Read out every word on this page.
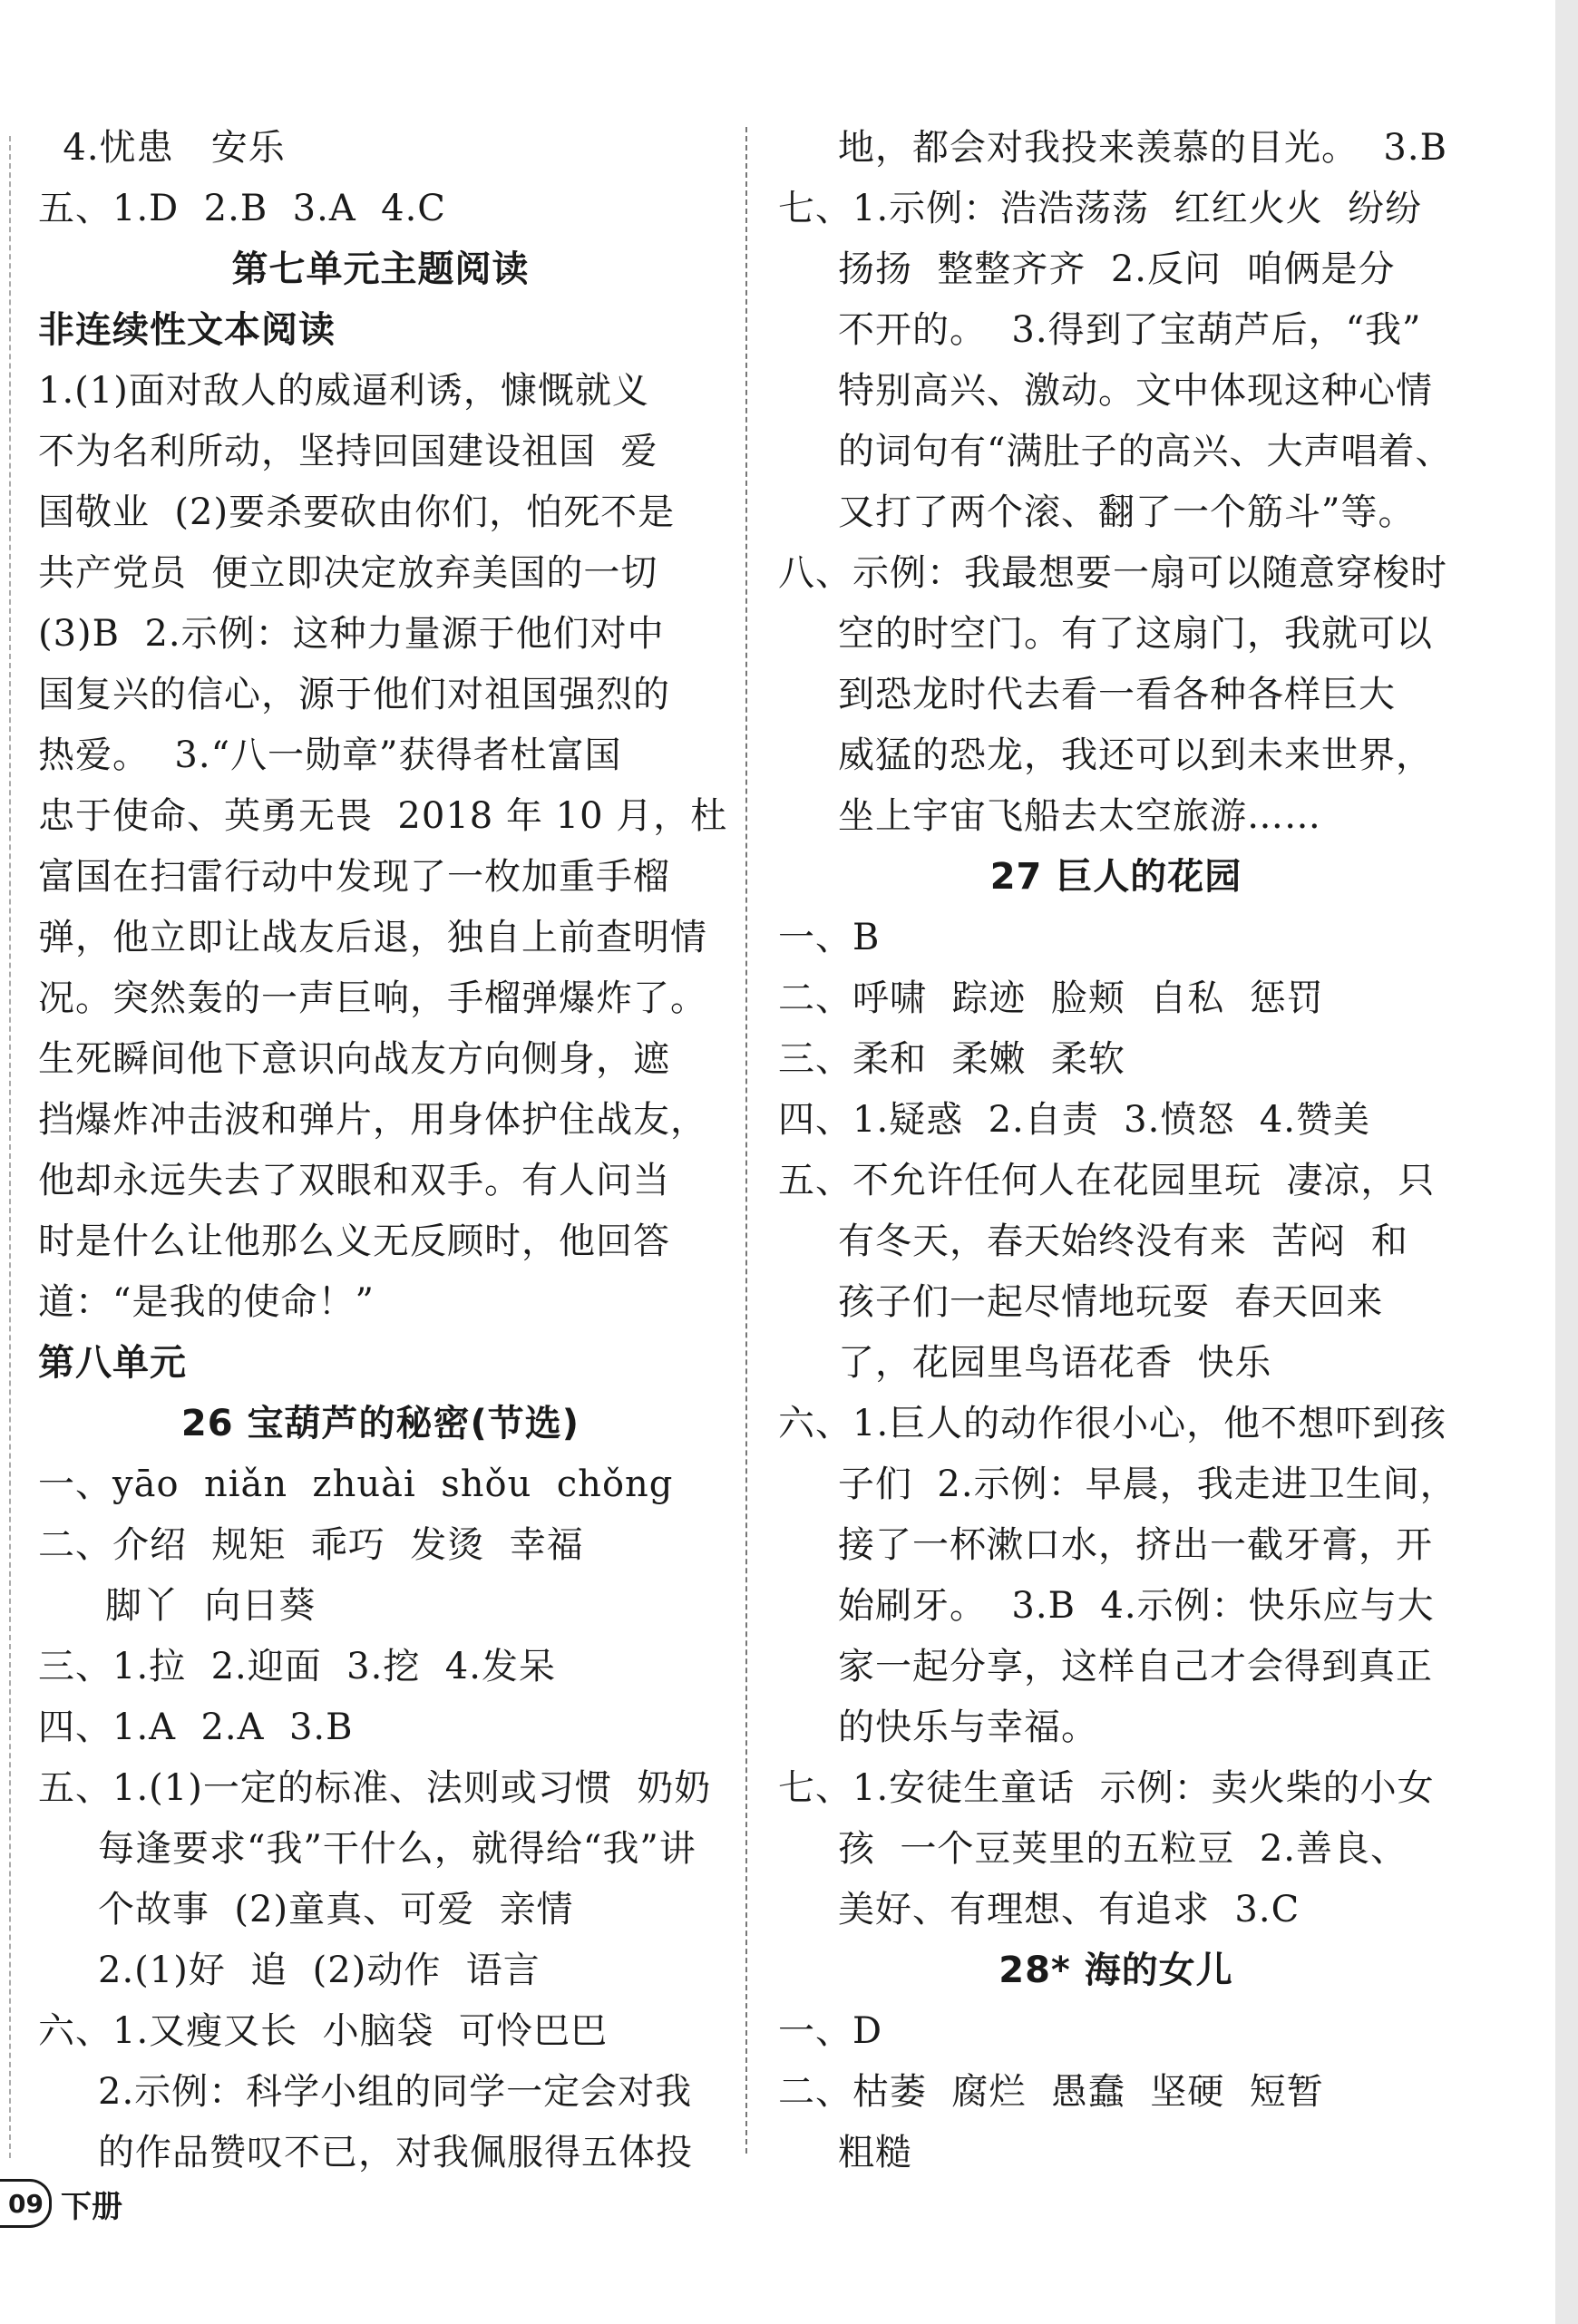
4.忧患   安乐
五、1.D  2.B  3.A  4.C
第七单元主题阅读
非连续性文本阅读
1.(1)面对敌人的威逼利诱，慷慨就义
不为名利所动，坚持回国建设祖国  爱
国敬业  (2)要杀要砍由你们，怕死不是
共产党员  便立即决定放弃美国的一切
(3)B  2.示例：这种力量源于他们对中
国复兴的信心，源于他们对祖国强烈的
热爱。  3.“八一勋章”获得者杜富国
忠于使命、英勇无畏  2018 年 10 月，杜
富国在扫雷行动中发现了一枚加重手榴
弹，他立即让战友后退，独自上前查明情
况。突然轰的一声巨响，手榴弹爆炸了。
生死瞬间他下意识向战友方向侧身，遮
挡爆炸冲击波和弹片，用身体护住战友，
他却永远失去了双眼和双手。有人问当
时是什么让他那么义无反顾时，他回答
道：“是我的使命！”
第八单元
26 宝葫芦的秘密(节选)
一、yāo  niǎn  zhuài  shǒu  chǒng
二、介绍  规矩  乖巧  发烫  幸福
脚丫  向日葵
三、1.拉  2.迎面  3.挖  4.发呆
四、1.A  2.A  3.B
五、1.(1)一定的标准、法则或习惯  奶奶
每逢要求“我”干什么，就得给“我”讲
个故事  (2)童真、可爱  亲情
2.(1)好  追  (2)动作  语言
六、1.又瘦又长  小脑袋  可怜巴巴
2.示例：科学小组的同学一定会对我
的作品赞叹不已，对我佩服得五体投
地，都会对我投来羡慕的目光。  3.B
七、1.示例：浩浩荡荡  红红火火  纷纷
扬扬  整整齐齐  2.反问  咱俩是分
不开的。  3.得到了宝葫芦后，“我”
特别高兴、激动。文中体现这种心情
的词句有“满肚子的高兴、大声唱着、
又打了两个滚、翻了一个筋斗”等。
八、示例：我最想要一扇可以随意穿梭时
空的时空门。有了这扇门，我就可以
到恐龙时代去看一看各种各样巨大
威猛的恐龙，我还可以到未来世界，
坐上宇宙飞船去太空旅游……
27 巨人的花园
一、B
二、呼啸  踪迹  脸颊  自私  惩罚
三、柔和  柔嫩  柔软
四、1.疑惑  2.自责  3.愤怒  4.赞美
五、不允许任何人在花园里玩  凄凉，只
有冬天，春天始终没有来  苦闷  和
孩子们一起尽情地玩耍  春天回来
了，花园里鸟语花香  快乐
六、1.巨人的动作很小心，他不想吓到孩
子们  2.示例：早晨，我走进卫生间，
接了一杯漱口水，挤出一截牙膏，开
始刷牙。  3.B  4.示例：快乐应与大
家一起分享，这样自己才会得到真正
的快乐与幸福。
七、1.安徒生童话  示例：卖火柴的小女
孩  一个豆荚里的五粒豆  2.善良、
美好、有理想、有追求  3.C
28* 海的女儿
一、D
二、枯萎  腐烂  愚蠢  坚硬  短暂
粗糙
09 下册
